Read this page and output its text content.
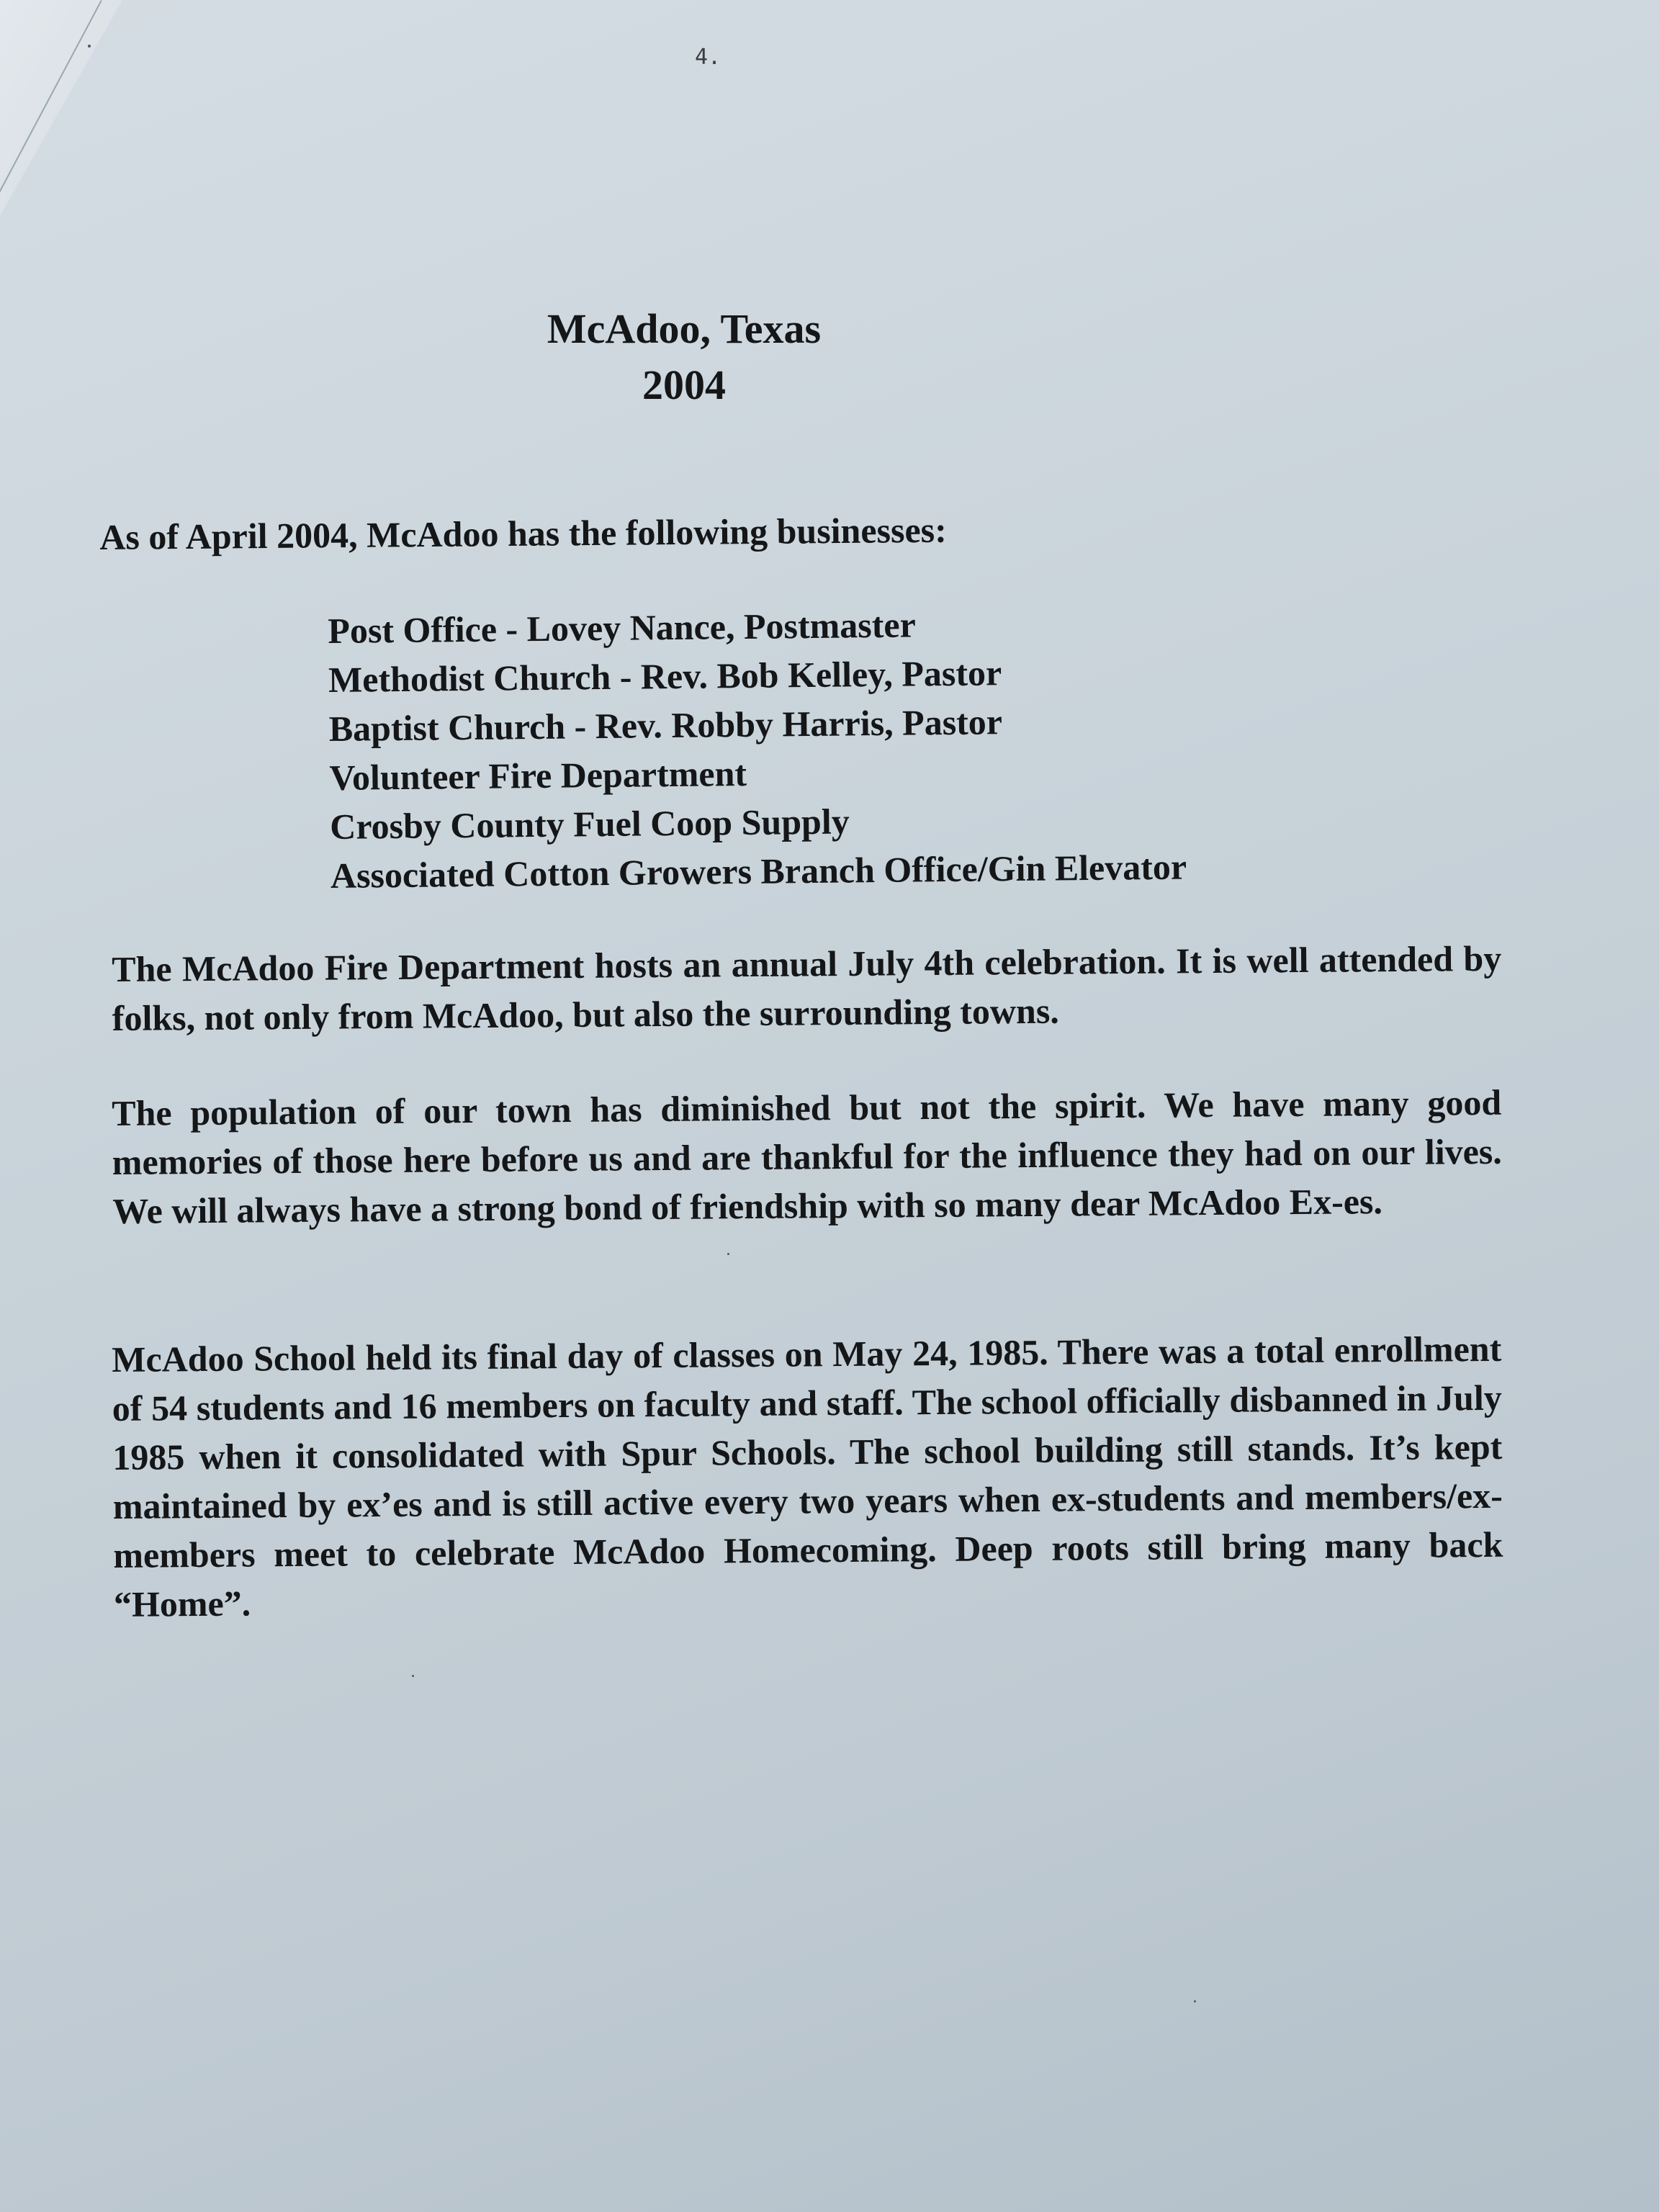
4.
McAdoo, Texas
2004
As of April 2004, McAdoo has the following businesses:
Post Office - Lovey Nance, Postmaster
Methodist Church - Rev. Bob Kelley, Pastor
Baptist Church - Rev. Robby Harris, Pastor
Volunteer Fire Department
Crosby County Fuel Coop Supply
Associated Cotton Growers Branch Office/Gin Elevator

The McAdoo Fire Department hosts an annual July 4th celebration. It is well attended by folks, not only from McAdoo, but also the surrounding towns.

The population of our town has diminished but not the spirit. We have many good memories of those here before us and are thankful for the influence they had on our lives. We will always have a strong bond of friendship with so many dear McAdoo Ex-es.

McAdoo School held its final day of classes on May 24, 1985. There was a total enrollment of 54 students and 16 members on faculty and staff. The school officially disbanned in July 1985 when it consolidated with Spur Schools. The school building still stands. It’s kept maintained by ex’es and is still active every two years when ex-students and members/ex-members meet to celebrate McAdoo Homecoming. Deep roots still bring many back “Home”.
